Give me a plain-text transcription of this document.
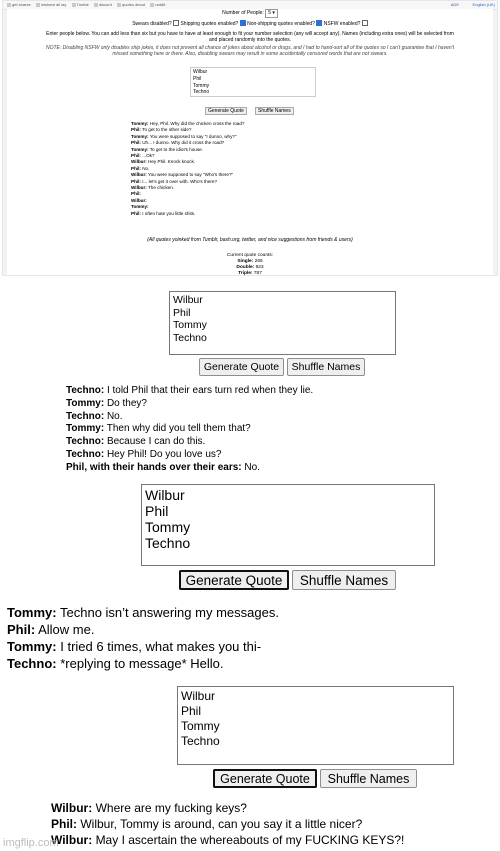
get shares	imshare all lay	Tumblr	discord	quotes about	reddit	ADE	English (UK)
Number of People: 5 ▾
Swears disabled? Shipping quotes enabled? Non-shipping quotes enabled? NSFW enabled?
Enter people below. You can add less than six but you have to have at least enough to fit your number selection (any will accept any). Names (including extra ones) will be selected from
and placed randomly into the quotes.
NOTE: Disabling NSFW only disables ship jokes, it does not prevent all chance of jokes about alcohol or drugs, and I had to hand-sort all of the quotes so I can't guarantee that I haven't
missed something here or there. Also, disabling swears may result in some accidentally censored words that are not swears.
Wilbur
Phil
Tommy
Techno
Generate Quote	Shuffle Names
Tommy: Hey, Phil. Why did the chicken cross the road?
Phil: To get to the other side?
Tommy: You were supposed to say "I dunno, why?"
Phil: Uh... I dunno. Why did it cross the road?
Tommy: To get to the idiot's house.
Phil: ...Ok?
Wilbur: Hey Phil. Knock knock.
Phil: No.
Wilbur: You were supposed to say "Who's there?"
Phil: I... let's get it over with. Who's there?
Wilbur: The chicken.
Phil:
Wilbur:
Tommy:
Phil: I often hate you little shits.
(All quotes yoinked from Tumblr, bash.org, twitter, and nice suggestions from friends & users)
Current quote counts:
Single: 265
Double: 923
Triple: 787
Wilbur Phil Tommy Techno
Generate Quote	Shuffle Names
Techno: I told Phil that their ears turn red when they lie.
Tommy: Do they?
Techno: No.
Tommy: Then why did you tell them that?
Techno: Because I can do this.
Techno: Hey Phil! Do you love us?
Phil, with their hands over their ears: No.
Wilbur Phil Tommy Techno
Generate Quote	Shuffle Names
Tommy: Techno isn’t answering my messages.
Phil: Allow me.
Tommy: I tried 6 times, what makes you thi-
Techno: *replying to message* Hello.
Wilbur Phil Tommy Techno
Generate Quote	Shuffle Names
Wilbur: Where are my fucking keys?
Phil: Wilbur, Tommy is around, can you say it a little nicer?
Wilbur: May I ascertain the whereabouts of my FUCKING KEYS?!
imgflip.com
